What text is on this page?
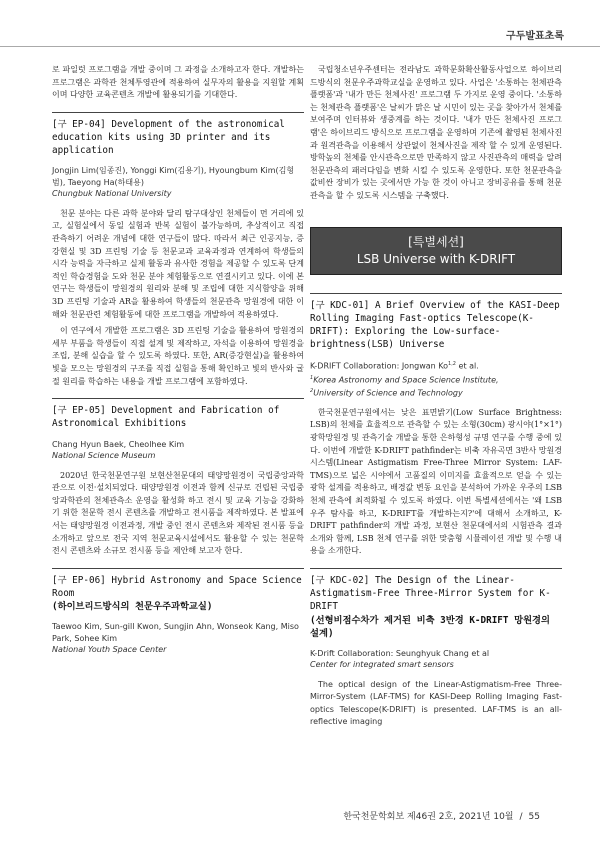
구두발표초록

로 파일럿 프로그램을 개발 중이며 그 과정을 소개하고자 한다. 개발하는 프로그램은 과학관 천체투영관에 적용하여 실무자의 활용을 지원할 계획이며 다양한 교육콘텐츠 개발에 활용되기를 기대한다.

[구 EP-04] Development of the astronomical education kits using 3D printer and its application
Jongjin Lim(임종진), Yonggi Kim(김용기), Hyoungbum Kim(김형범), Taeyong Ha(하태용)
Chungbuk National University

천문 분야는 다른 과학 분야와 달리 탐구대상인 천체들이 먼 거리에 있고, 실험실에서 동일 실험과 반복 실험이 불가능하며, 추상적이고 직접 관측하기 어려운 개념에 대한 연구들이 많다. 따라서 최근 인공지능, 증강현실 및 3D 프린팅 기술 등 천문교과 교육과정과 연계하여 학생들의 시각 능력을 자극하고 실제 활동과 유사한 경험을 제공할 수 있도록 단계적인 학습경험을 도와 천문 분야 체험활동으로 연결시키고 있다. 이에 본 연구는 학생들이 망원경의 원리와 분해 및 조립에 대한 지식함양을 위해 3D 프린팅 기술과 AR을 활용하여 학생들의 천문관측 망원경에 대한 이해와 천문관련 체험활동에 대한 프로그램을 개발하여 적용하였다.

이 연구에서 개발한 프로그램은 3D 프린팅 기술을 활용하여 망원경의 세부 부품을 학생들이 직접 설계 및 제작하고, 자석을 이용하여 망원경을 조립, 분해 실습을 할 수 있도록 하였다. 또한, AR(증강현실)을 활용하여 빛을 모으는 망원경의 구조를 직접 실험을 통해 확인하고 빛의 반사와 굴절 원리를 학습하는 내용을 개발 프로그램에 포함하였다.

[구 EP-05] Development and Fabrication of Astronomical Exhibitions
Chang Hyun Baek, Cheolhee Kim
National Science Museum

2020년 한국천문연구원 보현산천문대의 태양망원경이 국립중앙과학관으로 이전·설치되었다. 태양망원경 이전과 함께 신규로 건립된 국립중앙과학관의 천체관측소 운영을 활성화 하고 전시 및 교육 기능을 강화하기 위한 천문학 전시 콘텐츠를 개발하고 전시품을 제작하였다. 본 발표에서는 태양망원경 이전과정, 개발 중인 전시 콘텐츠와 제작된 전시품 등을 소개하고 앞으로 전국 지역 천문교육시설에서도 활용할 수 있는 천문학 전시 콘텐츠와 소규모 전시품 등을 제안해 보고자 한다.

[구 EP-06] Hybrid Astronomy and Space Science Room
(하이브리드방식의 천문우주과학교실)
Taewoo Kim, Sun-gill Kwon, Sungjin Ahn, Wonseok Kang, Miso Park, Sohee Kim
National Youth Space Center

국립청소년우주센터는 전라남도 과학문화확산활동사업으로 하이브리드방식의 천문우주과학교실을 운영하고 있다. 사업은 '소통하는 천체관측 플랫폼'과 '내가 만든 천체사진' 프로그램 두 가지로 운영 중이다. '소통하는 천체관측 플랫폼'은 날씨가 맑은 날 시민이 있는 곳을 찾아가서 천체를 보여주며 인터뷰와 생중계를 하는 것이다. '내가 만든 천체사진 프로그램'은 하이브리드 방식으로 프로그램을 운영하며 기존에 촬영된 천체사진과 원격관측을 이용해서 상관없이 천체사진을 제작 할 수 있게 운영된다. 방학높의 천체를 안시관측으로만 만족하지 않고 사진관측의 매력을 알려 천문관측의 패러다임을 변화 시킬 수 있도록 운영한다. 또한 천문관측을 값비싼 장비가 있는 곳에서만 가능 한 것이 아니고 장비공유를 통해 천문관측을 할 수 있도록 시스템을 구축했다.

[특별세션]
LSB Universe with K-DRIFT
[구 KDC-01] A Brief Overview of the KASI-Deep Rolling Imaging Fast-optics Telescope(K-DRIFT): Exploring the Low-surface-brightness(LSB) Universe
K-DRIFT Collaboration: Jongwan Ko$^{1,2}$ et al.
$^1$Korea Astronomy and Space Science Institute,
$^2$University of Science and Technology

한국천문연구원에서는 낮은 표면밝기(Low Surface Brightness: LSB)의 천체를 효율적으로 관측할 수 있는 소형(30cm) 광시야(1°×1°) 광학망원경 및 관측기술 개발을 통한 은하형성 규명 연구를 수행 중에 있다. 이번에 개발한 K-DRIFT pathfinder는 비축 자유곡면 3반사 망원경 시스템(Linear Astigmatism Free-Three Mirror System: LAF-TMS)으로 넓은 시야에서 고품질의 이미지를 효율적으로 얻을 수 있는 광학 설계를 적용하고, 배경값 변동 요인을 분석하여 가까운 우주의 LSB 천체 관측에 최적화될 수 있도록 하였다. 이번 특별세션에서는 '왜 LSB 우주 탐사를 하고, K-DRIFT를 개발하는지?'에 대해서 소개하고, K-DRIFT pathfinder의 개발 과정, 보현산 천문대에서의 시험관측 결과 소개와 함께, LSB 천체 연구를 위한 맞춤형 시뮬레이션 개발 및 수행 내용을 소개한다.

[구 KDC-02] The Design of the Linear-Astigmatism-Free Three-Mirror System for K-DRIFT
(선형비점수차가 제거된 비축 3반경 K-DRIFT 망원경의 설계)
K-Drift Collaboration: Seunghyuk Chang et al
Center for integrated smart sensors

The optical design of the Linear-Astigmatism-Free Three-Mirror-System (LAF-TMS) for KASI-Deep Rolling Imaging Fast-optics Telescope(K-DRIFT) is presented. LAF-TMS is an all-reflective imaging

한국천문학회보 제46권 2호, 2021년 10월 / 55
